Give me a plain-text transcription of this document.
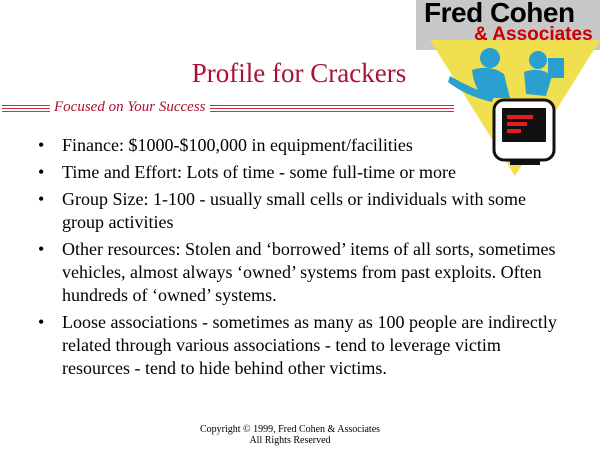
Fred Cohen
& Associates
Profile for Crackers
Focused on Your Success
• Finance: $1000-$100,000 in equipment/facilities
• Time and Effort: Lots of time - some full-time or more
• Group Size: 1-100 - usually small cells or individuals with some group activities
• Other resources: Stolen and ‘borrowed’ items of all sorts, sometimes vehicles, almost always ‘owned’ systems from past exploits. Often hundreds of ‘owned’ systems.
• Loose associations - sometimes as many as 100 people are indirectly related through various associations - tend to leverage victim resources - tend to hide behind other victims.
Copyright © 1999, Fred Cohen & Associates
All Rights Reserved
